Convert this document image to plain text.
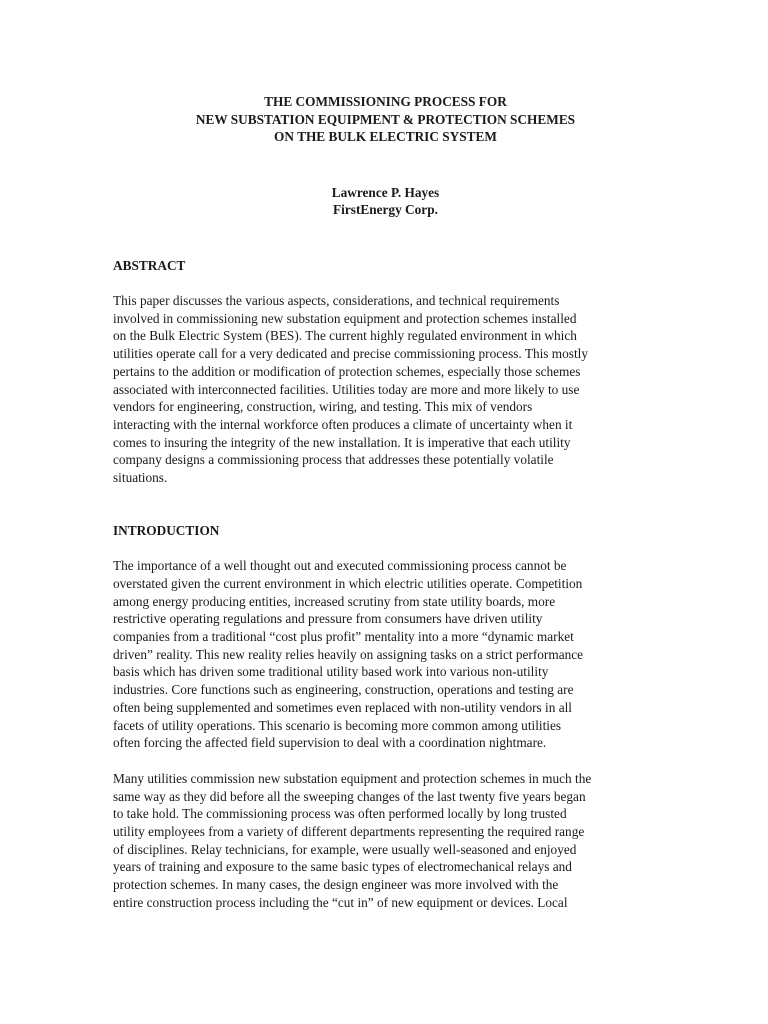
THE COMMISSIONING PROCESS FOR
NEW SUBSTATION EQUIPMENT & PROTECTION SCHEMES
ON THE BULK ELECTRIC SYSTEM
Lawrence P. Hayes
FirstEnergy Corp.
ABSTRACT
This paper discusses the various aspects, considerations, and technical requirements
involved in commissioning new substation equipment and protection schemes installed
on the Bulk Electric System (BES). The current highly regulated environment in which
utilities operate call for a very dedicated and precise commissioning process. This mostly
pertains to the addition or modification of protection schemes, especially those schemes
associated with interconnected facilities. Utilities today are more and more likely to use
vendors for engineering, construction, wiring, and testing. This mix of vendors
interacting with the internal workforce often produces a climate of uncertainty when it
comes to insuring the integrity of the new installation. It is imperative that each utility
company designs a commissioning process that addresses these potentially volatile
situations.
INTRODUCTION
The importance of a well thought out and executed commissioning process cannot be
overstated given the current environment in which electric utilities operate. Competition
among energy producing entities, increased scrutiny from state utility boards, more
restrictive operating regulations and pressure from consumers have driven utility
companies from a traditional “cost plus profit” mentality into a more “dynamic market
driven” reality. This new reality relies heavily on assigning tasks on a strict performance
basis which has driven some traditional utility based work into various non-utility
industries. Core functions such as engineering, construction, operations and testing are
often being supplemented and sometimes even replaced with non-utility vendors in all
facets of utility operations. This scenario is becoming more common among utilities
often forcing the affected field supervision to deal with a coordination nightmare.
Many utilities commission new substation equipment and protection schemes in much the
same way as they did before all the sweeping changes of the last twenty five years began
to take hold. The commissioning process was often performed locally by long trusted
utility employees from a variety of different departments representing the required range
of disciplines. Relay technicians, for example, were usually well-seasoned and enjoyed
years of training and exposure to the same basic types of electromechanical relays and
protection schemes. In many cases, the design engineer was more involved with the
entire construction process including the “cut in” of new equipment or devices. Local
